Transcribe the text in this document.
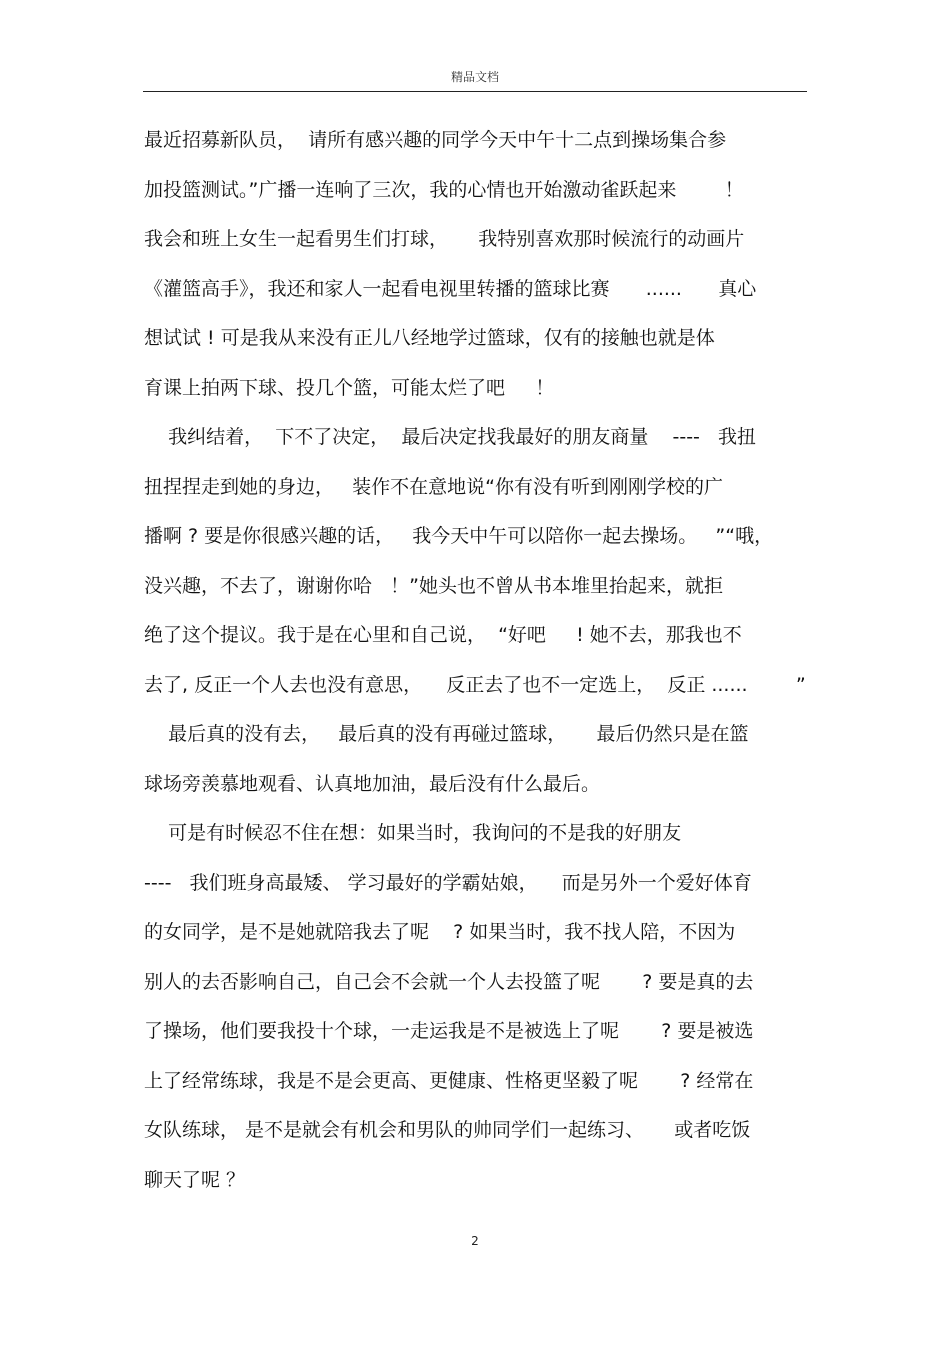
精品文档
最近招募新队员，  请所有感兴趣的同学今天中午十二点到操场集合参
加投篮测试。”广播一连响了三次，我的心情也开始激动雀跃起来        ！
我会和班上女生一起看男生们打球，     我特别喜欢那时候流行的动画片
《灌篮高手》，我还和家人一起看电视里转播的篮球比赛      ......      真心
想试试 ! 可是我从来没有正儿八经地学过篮球，仅有的接触也就是体
育课上拍两下球、投几个篮，可能太烂了吧     ！
我纠结着，  下不了决定，  最后决定找我最好的朋友商量    ----   我扭
扭捏捏走到她的身边，   装作不在意地说“你有没有听到刚刚学校的广
播啊 ? 要是你很感兴趣的话，   我今天中午可以陪你一起去操场。   ”“哦，
没兴趣，不去了，谢谢你哈   ！”她头也不曾从书本堆里抬起来，就拒
绝了这个提议。我于是在心里和自己说，  “好吧     ! 她不去，那我也不
去了, 反正一个人去也没有意思，    反正去了也不一定选上，  反正 ......        ”
最后真的没有去，   最后真的没有再碰过篮球，     最后仍然只是在篮
球场旁羡慕地观看、认真地加油，最后没有什么最后。
可是有时候忍不住在想：如果当时，我询问的不是我的好朋友
----   我们班身高最矮、 学习最好的学霸姑娘，    而是另外一个爱好体育
的女同学，是不是她就陪我去了呢    ? 如果当时，我不找人陪，不因为
别人的去否影响自己，自己会不会就一个人去投篮了呢       ? 要是真的去
了操场，他们要我投十个球，一走运我是不是被选上了呢       ? 要是被选
上了经常练球，我是不是会更高、更健康、性格更坚毅了呢       ? 经常在
女队练球， 是不是就会有机会和男队的帅同学们一起练习、     或者吃饭
聊天了呢 ？
2
